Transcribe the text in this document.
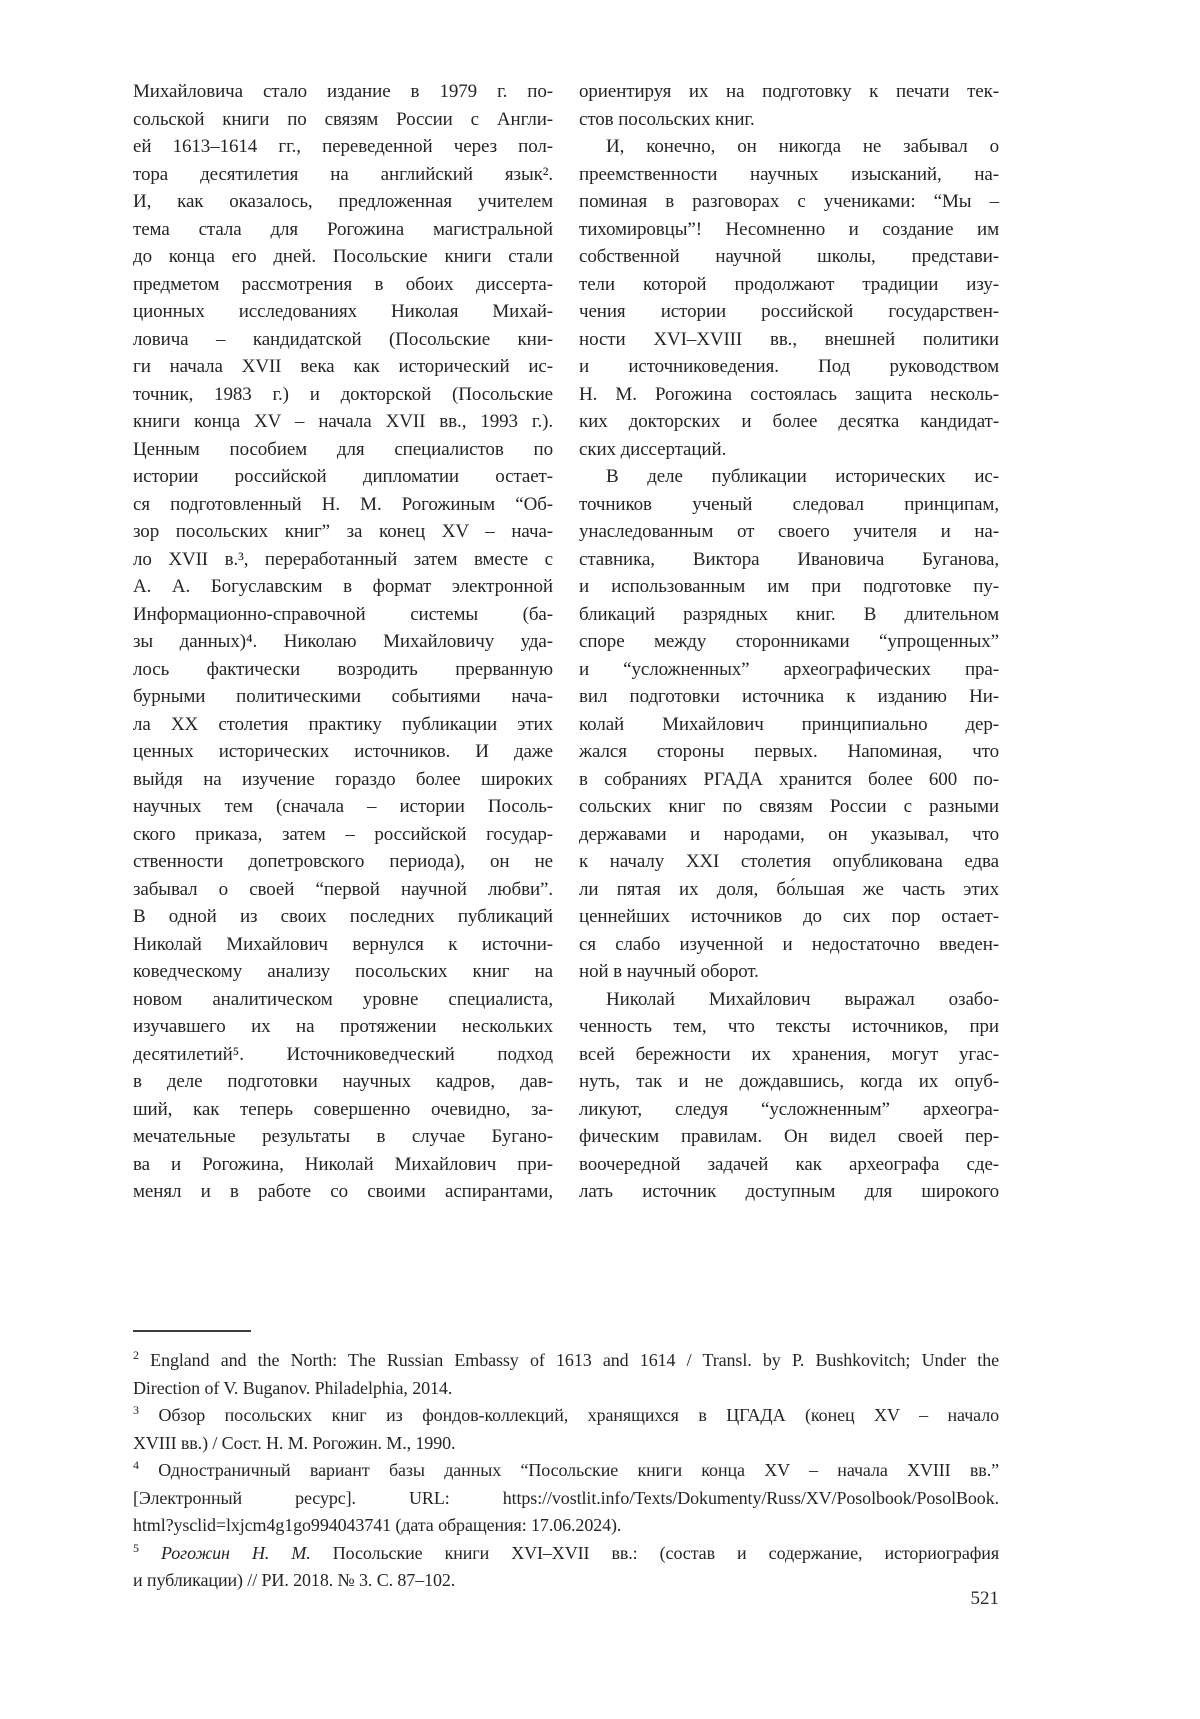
Михайловича стало издание в 1979 г. по-
сольской книги по связям России с Англи-
ей 1613–1614 гг., переведенной через пол-
тора десятилетия на английский язык².
И, как оказалось, предложенная учителем
тема стала для Рогожина магистральной
до конца его дней. Посольские книги стали
предметом рассмотрения в обоих диссерта-
ционных исследованиях Николая Михай-
ловича – кандидатской (Посольские кни-
ги начала XVII века как исторический ис-
точник, 1983 г.) и докторской (Посольские
книги конца XV – начала XVII вв., 1993 г.).
Ценным пособием для специалистов по
истории российской дипломатии остает-
ся подготовленный Н. М. Рогожиным “Об-
зор посольских книг” за конец XV – нача-
ло XVII в.³, переработанный затем вместе с
А. А. Богуславским в формат электронной
Информационно-справочной системы (ба-
зы данных)⁴. Николаю Михайловичу уда-
лось фактически возродить прерванную
бурными политическими событиями нача-
ла XX столетия практику публикации этих
ценных исторических источников. И даже
выйдя на изучение гораздо более широких
научных тем (сначала – истории Посоль-
ского приказа, затем – российской государ-
ственности допетровского периода), он не
забывал о своей “первой научной любви”.
В одной из своих последних публикаций
Николай Михайлович вернулся к источни-
коведческому анализу посольских книг на
новом аналитическом уровне специалиста,
изучавшего их на протяжении нескольких
десятилетий⁵. Источниковедческий подход
в деле подготовки научных кадров, дав-
ший, как теперь совершенно очевидно, за-
мечательные результаты в случае Бугано-
ва и Рогожина, Николай Михайлович при-
менял и в работе со своими аспирантами,
ориентируя их на подготовку к печати тек-
стов посольских книг.
И, конечно, он никогда не забывал о
преемственности научных изысканий, на-
поминая в разговорах с учениками: “Мы –
тихомировцы”! Несомненно и создание им
собственной научной школы, представи-
тели которой продолжают традиции изу-
чения истории российской государствен-
ности XVI–XVIII вв., внешней политики
и источниковедения. Под руководством
Н. М. Рогожина состоялась защита несколь-
ких докторских и более десятка кандидат-
ских диссертаций.
В деле публикации исторических ис-
точников ученый следовал принципам,
унаследованным от своего учителя и на-
ставника, Виктора Ивановича Буганова,
и использованным им при подготовке пу-
бликаций разрядных книг. В длительном
споре между сторонниками “упрощенных”
и “усложненных” археографических пра-
вил подготовки источника к изданию Ни-
колай Михайлович принципиально дер-
жался стороны первых. Напоминая, что
в собраниях РГАДА хранится более 600 по-
сольских книг по связям России с разными
державами и народами, он указывал, что
к началу XXI столетия опубликована едва
ли пятая их доля, бо́льшая же часть этих
ценнейших источников до сих пор остает-
ся слабо изученной и недостаточно введен-
ной в научный оборот.
Николай Михайлович выражал озабо-
ченность тем, что тексты источников, при
всей бережности их хранения, могут угас-
нуть, так и не дождавшись, когда их опуб-
ликуют, следуя “усложненным” археогра-
фическим правилам. Он видел своей пер-
воочередной задачей как археографа сде-
лать источник доступным для широкого
$^2$ England and the North: The Russian Embassy of 1613 and 1614 / Transl. by P. Bushkovitch; Under the
Direction of V. Buganov. Philadelphia, 2014.
$^3$ Обзор посольских книг из фондов-коллекций, хранящихся в ЦГАДА (конец XV – начало
XVIII вв.) / Сост. Н. М. Рогожин. М., 1990.
$^4$ Одностраничный вариант базы данных “Посольские книги конца XV – начала XVIII вв.”
[Электронный ресурс]. URL: https://vostlit.info/Texts/Dokumenty/Russ/XV/Posolbook/PosolBook.
html?ysclid=lxjcm4g1go994043741 (дата обращения: 17.06.2024).
$^5$ Рогожин Н. М. Посольские книги XVI–XVII вв.: (состав и содержание, историография
и публикации) // РИ. 2018. № 3. С. 87–102.
521
